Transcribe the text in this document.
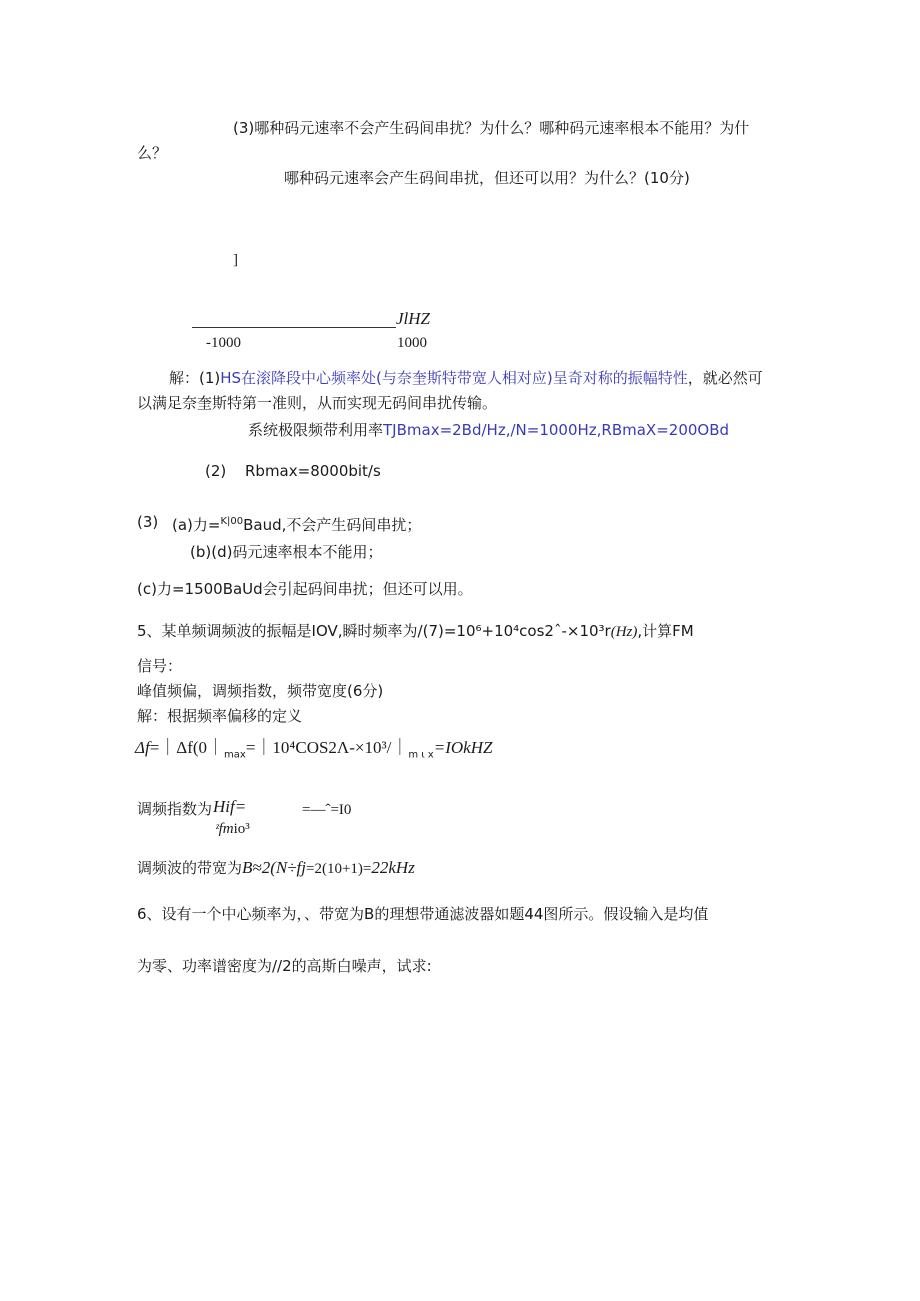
(3)哪种码元速率不会产生码间串扰？为什么？哪种码元速率根本不能用？为什
么？
哪种码元速率会产生码间串扰，但还可以用？为什么？(10分)
]
JlHZ
-1000	1000
解：(1)HS在滚降段中心频率处(与奈奎斯特带宽人相对应)呈奇对称的振幅特性，就必然可
以满足奈奎斯特第一准则，从而实现无码间串扰传输。
系统极限频带利用率TJBmax=2Bd/Hz,/N=1000Hz,RBmaX=200OBd
(2) Rbmax=8000bit/s
(3) (a)力=$^{K|00}$Baud,不会产生码间串扰；
(b)(d)码元速率根本不能用；
(c)力=1500BaUd会引起码间串扰；但还可以用。
5、某单频调频波的振幅是IOV,瞬时频率为/(7)=10⁶+10⁴cos2ˆ-×10³r(Hz),计算FM
信号：
峰值频偏，调频指数，频带宽度(6分)
解：根据频率偏移的定义
$\Delta f=|\Delta f(0|_{max}=|10^4COS2\Lambda-\times 10^3/|_{m \iota x}=IOkHZ$
调频指数为 Hif=	=—ˆ=I0
ᶻfmio³
调频波的带宽为B≈2(N÷fj=2(10+1)=22kHz
6、设有一个中心频率为，、带宽为B的理想带通滤波器如题44图所示。假设输入是均值
为零、功率谱密度为//2的高斯白噪声，试求:
